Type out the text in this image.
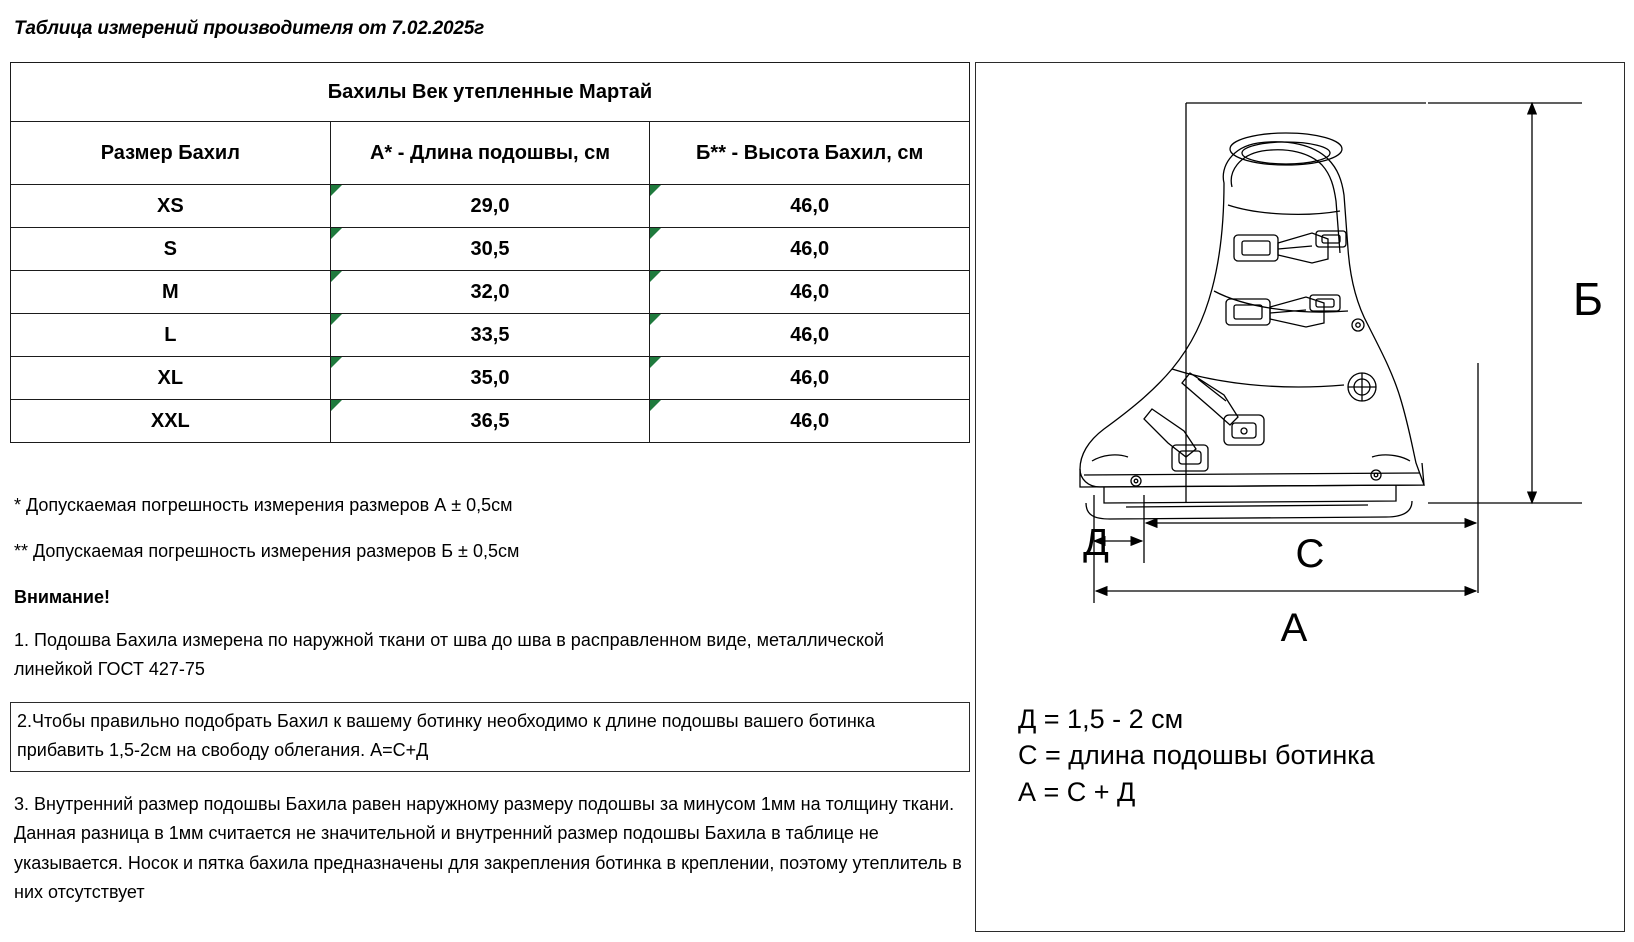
Таблица измерений производителя от 7.02.2025г
Бахилы Век утепленные Мартай		
Размер Бахил	А* - Длина подошвы, см	Б** - Высота Бахил, см
XS	29,0	46,0
S	30,5	46,0
M	32,0	46,0
L	33,5	46,0
XL	35,0	46,0
XXL	36,5	46,0

* Допускаемая погрешность измерения размеров А ± 0,5см

** Допускаемая погрешность измерения размеров Б ± 0,5см

Внимание!

1. Подошва Бахила измерена по наружной ткани от шва до шва в расправленном виде, металлической линейкой ГОСТ 427-75

2.Чтобы правильно подобрать Бахил к вашему ботинку необходимо к длине подошвы вашего ботинка прибавить 1,5-2см на свободу облегания. А=С+Д

3. Внутренний размер подошвы Бахила равен наружному размеру подошвы за минусом 1мм на толщину ткани. Данная разница в 1мм считается не значительной и внутренний размер подошвы Бахила в таблице не указывается. Носок и пятка бахила предназначены для закрепления ботинка в креплении, поэтому утеплитель в них отсутствует

Б
Д	С
А
Д = 1,5 - 2 см
С = длина подошвы ботинка
А = С + Д
